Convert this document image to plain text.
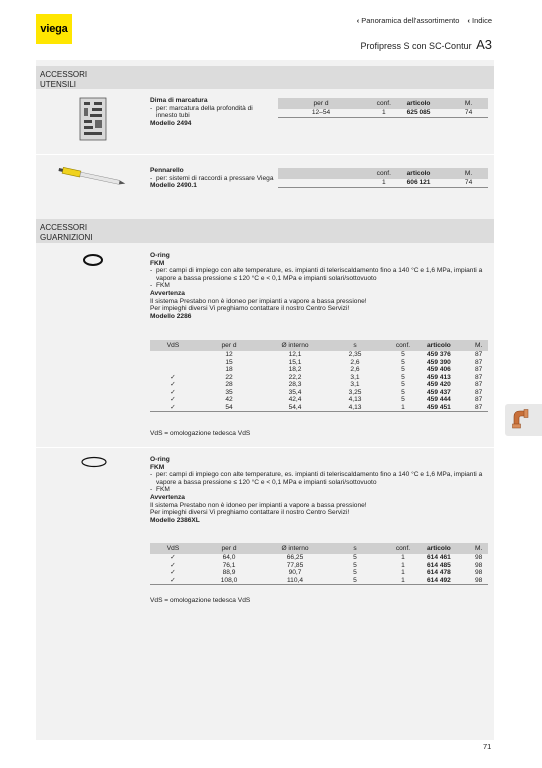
viega
‹ Panoramica dell'assortimento ‹ Indice
Profipress S con SC-Contur A3
ACCESSORI
UTENSILI
Dima di marcatura
- per: marcatura della profondità di innesto tubi
Modello 2494
per d	conf.	articolo	M.
12–54	1	625 085	74
Pennarello
- per: sistemi di raccordi a pressare Viega
Modello 2490.1
	conf.	articolo	M.
	1	606 121	74
ACCESSORI
GUARNIZIONI
O-ring
FKM
- per: campi di impiego con alte temperature, es. impianti di teleriscaldamento fino a 140 °C e 1,6 MPa, impianti a vapore a bassa pressione ≤ 120 °C e < 0,1 MPa e impianti solari/sottovuoto
- FKM
Avvertenza
Il sistema Prestabo non è idoneo per impianti a vapore a bassa pressione!
Per impieghi diversi Vi preghiamo contattare il nostro Centro Servizi!
Modello 2286
VdS	per d	Ø interno	s	conf.	articolo	M.
	12	12,1	2,35	5	459 376	87
	15	15,1	2,6	5	459 390	87
	18	18,2	2,6	5	459 406	87
✓	22	22,2	3,1	5	459 413	87
✓	28	28,3	3,1	5	459 420	87
✓	35	35,4	3,25	5	459 437	87
✓	42	42,4	4,13	5	459 444	87
✓	54	54,4	4,13	1	459 451	87
VdS = omologazione tedesca VdS
O-ring
FKM
- per: campi di impiego con alte temperature, es. impianti di teleriscaldamento fino a 140 °C e 1,6 MPa, impianti a vapore a bassa pressione ≤ 120 °C e < 0,1 MPa e impianti solari/sottovuoto
- FKM
Avvertenza
Il sistema Prestabo non è idoneo per impianti a vapore a bassa pressione!
Per impieghi diversi Vi preghiamo contattare il nostro Centro Servizi!
Modello 2386XL
VdS	per d	Ø interno	s	conf.	articolo	M.
✓	64,0	66,25	5	1	614 461	98
✓	76,1	77,85	5	1	614 485	98
✓	88,9	90,7	5	1	614 478	98
✓	108,0	110,4	5	1	614 492	98
VdS = omologazione tedesca VdS
71
